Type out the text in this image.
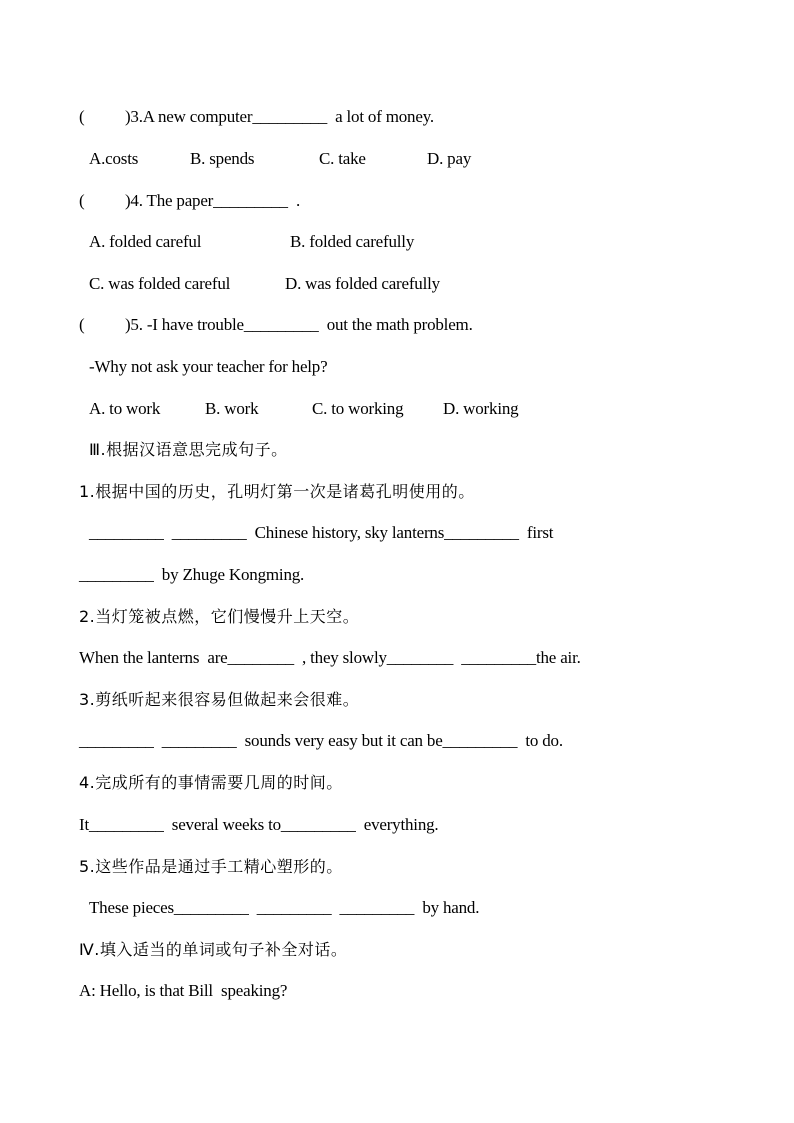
(          )3.A new computer_________  a lot of money.
A.costs	B. spends	C. take	D. pay
(          )4. The paper_________  .
A. folded careful	B. folded carefully
C. was folded careful	D. was folded carefully
(          )5. -I have trouble_________  out the math problem.
-Why not ask your teacher for help?
A. to work	B. work	C. to working D. working
Ⅲ.根据汉语意思完成句子。
1.根据中国的历史，孔明灯第一次是诸葛孔明使用的。
_________  _________  Chinese history, sky lanterns_________  first
_________  by Zhuge Kongming.
2.当灯笼被点燃，它们慢慢升上天空。
When the lanterns  are________  , they slowly________  _________the air.
3.剪纸听起来很容易但做起来会很难。
_________  _________  sounds very easy but it can be_________  to do.
4.完成所有的事情需要几周的时间。
It_________  several weeks to_________  everything.
5.这些作品是通过手工精心塑形的。
These pieces_________  _________  _________  by hand.
Ⅳ.填入适当的单词或句子补全对话。
A: Hello, is that Bill  speaking?
